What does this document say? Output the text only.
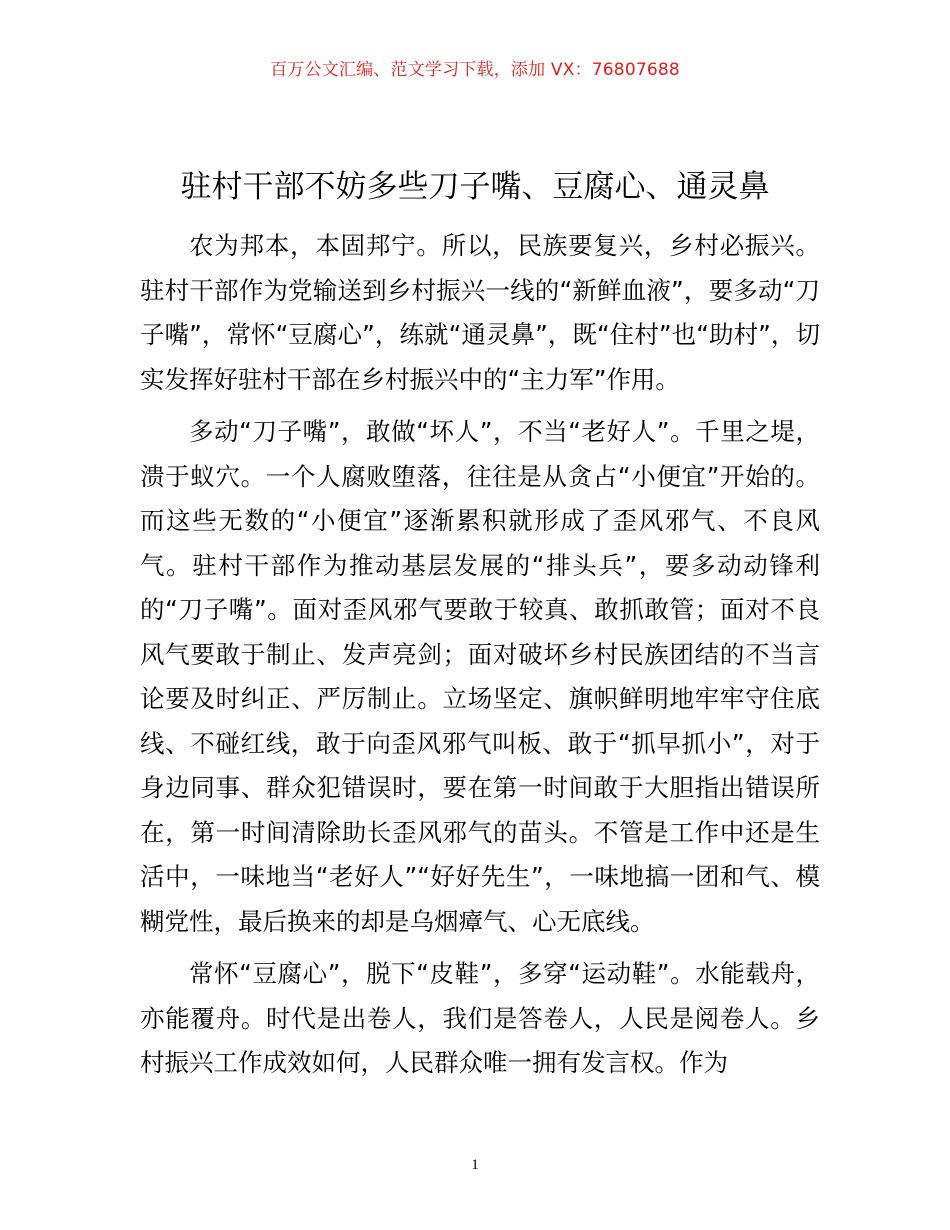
百万公文汇编、范文学习下载，添加 VX：76807688
驻村干部不妨多些刀子嘴、豆腐心、通灵鼻

农为邦本，本固邦宁。所以，民族要复兴，乡村必振兴。驻村干部作为党输送到乡村振兴一线的“新鲜血液”，要多动“刀子嘴”，常怀“豆腐心”，练就“通灵鼻”，既“住村”也“助村”，切实发挥好驻村干部在乡村振兴中的“主力军”作用。

多动“刀子嘴”，敢做“坏人”，不当“老好人”。千里之堤，溃于蚁穴。一个人腐败堕落，往往是从贪占“小便宜”开始的。而这些无数的“小便宜”逐渐累积就形成了歪风邪气、不良风气。驻村干部作为推动基层发展的“排头兵”，要多动动锋利的“刀子嘴”。面对歪风邪气要敢于较真、敢抓敢管；面对不良风气要敢于制止、发声亮剑；面对破坏乡村民族团结的不当言论要及时纠正、严厉制止。立场坚定、旗帜鲜明地牢牢守住底线、不碰红线，敢于向歪风邪气叫板、敢于“抓早抓小”，对于身边同事、群众犯错误时，要在第一时间敢于大胆指出错误所在，第一时间清除助长歪风邪气的苗头。不管是工作中还是生活中，一味地当“老好人”“好好先生”，一味地搞一团和气、模糊党性，最后换来的却是乌烟瘴气、心无底线。

常怀“豆腐心”，脱下“皮鞋”，多穿“运动鞋”。水能载舟，亦能覆舟。时代是出卷人，我们是答卷人，人民是阅卷人。乡村振兴工作成效如何，人民群众唯一拥有发言权。作为

1
